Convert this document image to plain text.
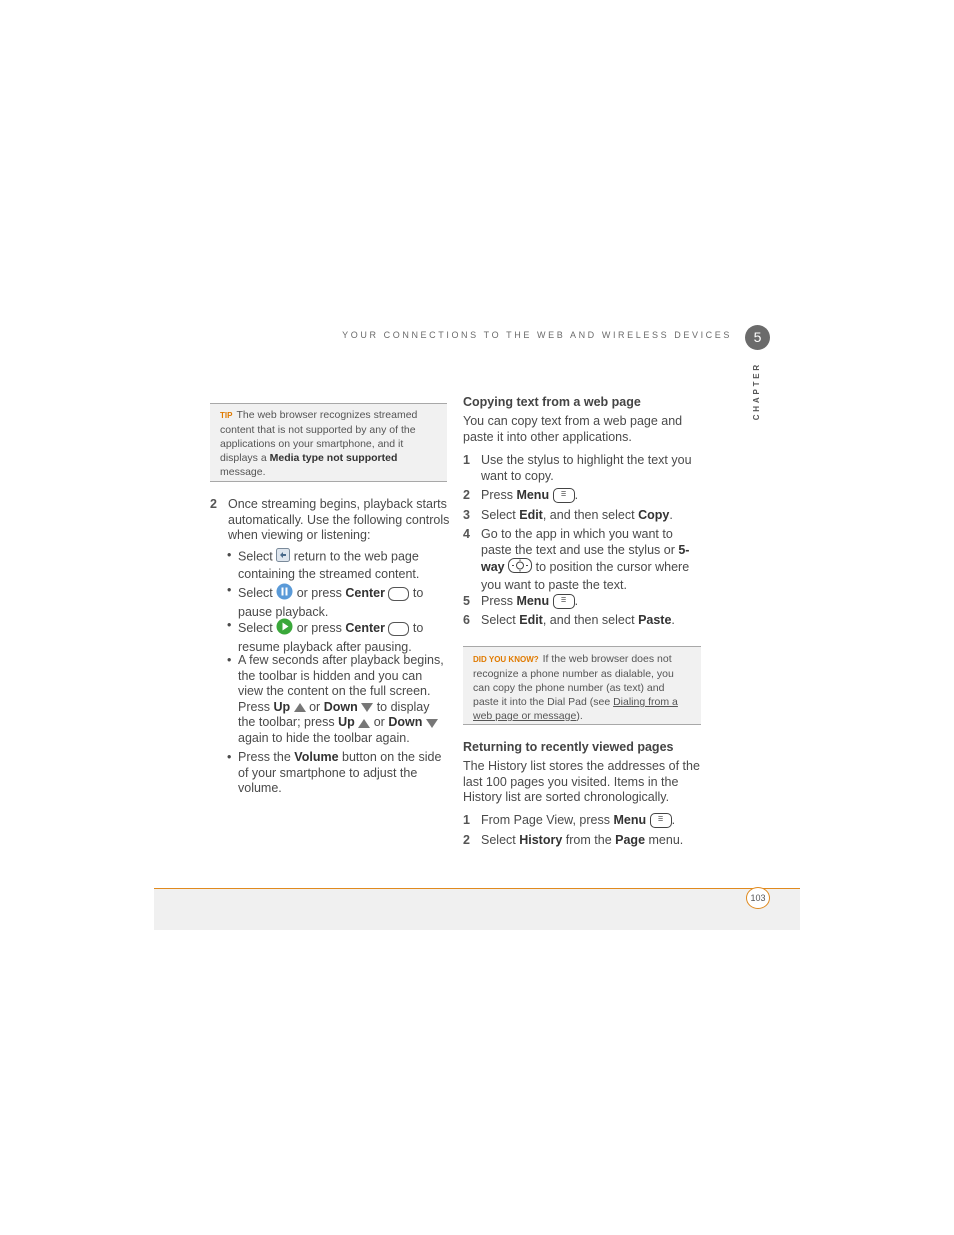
YOUR CONNECTIONS TO THE WEB AND WIRELESS DEVICES	5
CHAPTER
TIP The web browser recognizes streamed content that is not supported by any of the applications on your smartphone, and it displays a Media type not supported message.
2 Once streaming begins, playback starts automatically. Use the following controls when viewing or listening:
• Select return to the web page containing the streamed content.
• Select or press Center to pause playback.
• Select or press Center to resume playback after pausing.
• A few seconds after playback begins, the toolbar is hidden and you can view the content on the full screen. Press Up or Down to display the toolbar; press Up or Down  again to hide the toolbar again.
• Press the Volume button on the side of your smartphone to adjust the volume.
Copying text from a web page
You can copy text from a web page and paste it into other applications.
1 Use the stylus to highlight the text you want to copy.
2 Press Menu ☰ .
3 Select Edit, and then select Copy.
4 Go to the app in which you want to paste the text and use the stylus or 5-way to position the cursor where you want to paste the text.
5 Press Menu ☰ .
6 Select Edit, and then select Paste.
DID YOU KNOW? If the web browser does not recognize a phone number as dialable, you can copy the phone number (as text) and paste it into the Dial Pad (see Dialing from a web page or message).
Returning to recently viewed pages
The History list stores the addresses of the last 100 pages you visited. Items in the History list are sorted chronologically.
1 From Page View, press Menu ☰ .
2 Select History from the Page menu.
103
